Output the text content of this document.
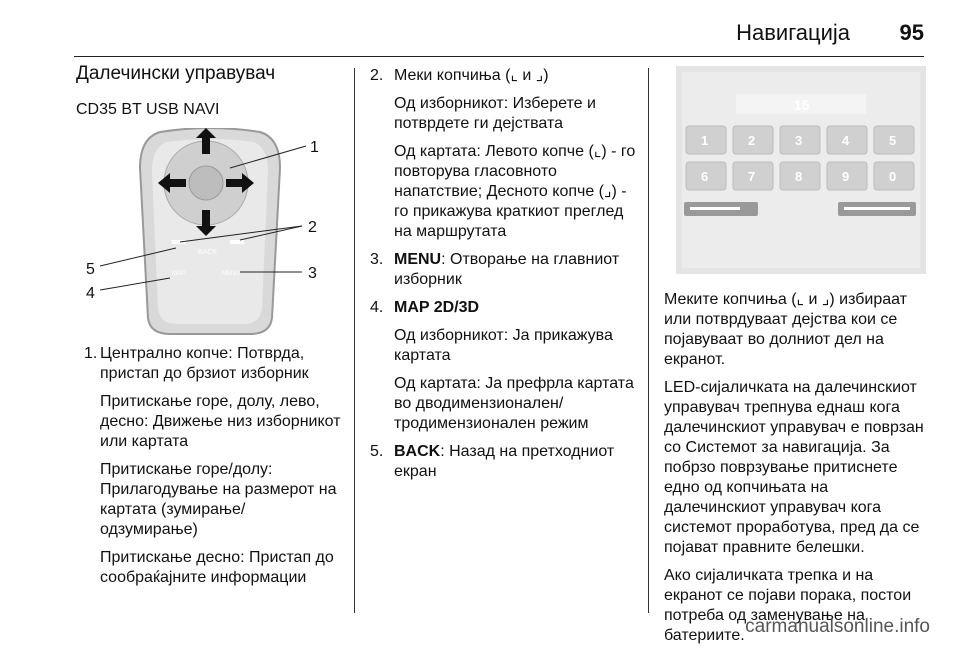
Навигација 95
Далечински управувач
CD35 BT USB NAVI
BACK
MAP	MENU
1
2
3
4
5
1. Централно копче: Потврда, пристап до брзиот изборник

Притискање горе, долу, лево, десно: Движење низ изборникот или картата

Притискање горе/долу: Прилагодување на размерот на картата (зумирање/ одзумирање)

Притискање десно: Пристап до сообраќајните информации

2. Меки копчиња (⌞ и ⌟)

Од изборникот: Изберете и потврдете ги дејствата

Од картата: Левото копче (⌞) - го повторува гласовното напатствие; Десното копче (⌟) - го прикажува краткиот преглед на маршрутата

3. MENU: Отворање на главниот изборник

4. MAP 2D/3D

Од изборникот: Ја прикажува картата

Од картата: Ја префрла картата во дводимензионален/ тродимензионален режим

5. BACK: Назад на претходниот екран

15
1	2	3	4	5
6	7	8	9	0

Меките копчиња (⌞ и ⌟) избираат или потврдуваат дејства кои се појавуваат во долниот дел на екранот.

LED-сијаличката на далечинскиот управувач трепнува еднаш кога далечинскиот управувач е поврзан со Системот за навигација. За побрзо поврзување притиснете едно од копчињата на далечинскиот управувач кога системот проработува, пред да се појават правните белешки.

Ако сијаличката трепка и на екранот се појави порака, постои потреба од заменување на батериите. carmanualsonline.info
